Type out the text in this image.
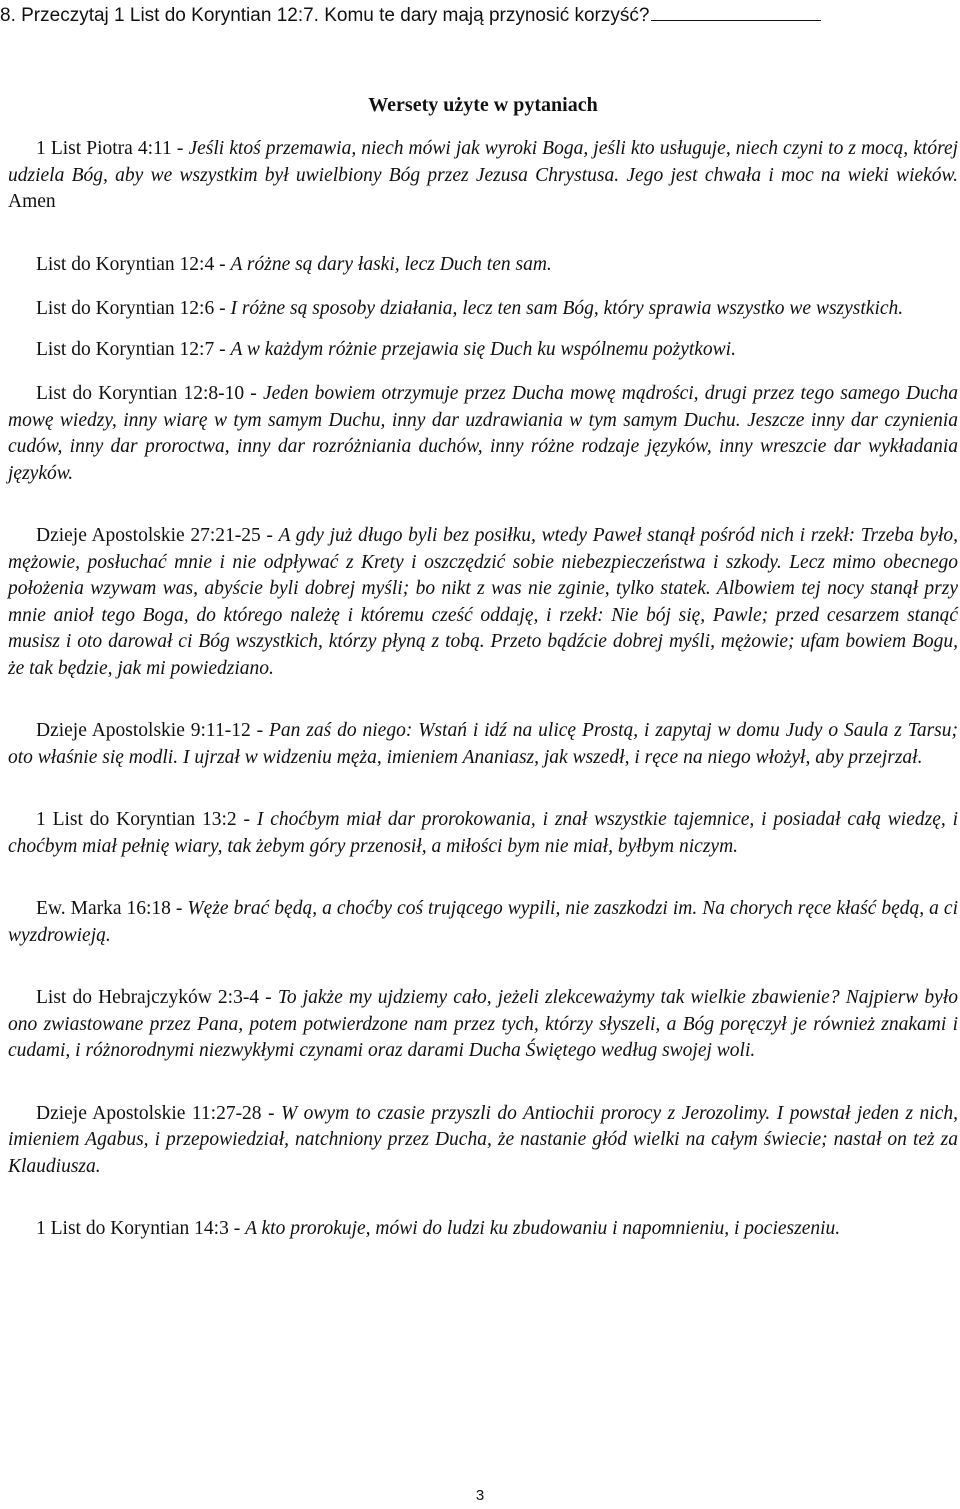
8. Przeczytaj 1 List do Koryntian 12:7. Komu te dary mają przynosić korzyść?
Wersety użyte w pytaniach

1 List Piotra 4:11 - Jeśli ktoś przemawia, niech mówi jak wyroki Boga, jeśli kto usługuje, niech czyni to z mocą, której udziela Bóg, aby we wszystkim był uwielbiony Bóg przez Jezusa Chrystusa. Jego jest chwała i moc na wieki wieków. Amen

List do Koryntian 12:4 - A różne są dary łaski, lecz Duch ten sam.

List do Koryntian 12:6 - I różne są sposoby działania, lecz ten sam Bóg, który sprawia wszystko we wszystkich.

List do Koryntian 12:7 - A w każdym różnie przejawia się Duch ku wspólnemu pożytkowi.

List do Koryntian 12:8-10 - Jeden bowiem otrzymuje przez Ducha mowę mądrości, drugi przez tego samego Ducha mowę wiedzy, inny wiarę w tym samym Duchu, inny dar uzdrawiania w tym samym Duchu. Jeszcze inny dar czynienia cudów, inny dar proroctwa, inny dar rozróżniania duchów, inny różne rodzaje języków, inny wreszcie dar wykładania języków.

Dzieje Apostolskie 27:21-25 - A gdy już długo byli bez posiłku, wtedy Paweł stanął pośród nich i rzekł: Trzeba było, mężowie, posłuchać mnie i nie odpływać z Krety i oszczędzić sobie niebezpieczeństwa i szkody. Lecz mimo obecnego położenia wzywam was, abyście byli dobrej myśli; bo nikt z was nie zginie, tylko statek. Albowiem tej nocy stanął przy mnie anioł tego Boga, do którego należę i któremu cześć oddaję, i rzekł: Nie bój się, Pawle; przed cesarzem stanąć musisz i oto darował ci Bóg wszystkich, którzy płyną z tobą. Przeto bądźcie dobrej myśli, mężowie; ufam bowiem Bogu, że tak będzie, jak mi powiedziano.

Dzieje Apostolskie 9:11-12 - Pan zaś do niego: Wstań i idź na ulicę Prostą, i zapytaj w domu Judy o Saula z Tarsu; oto właśnie się modli. I ujrzał w widzeniu męża, imieniem Ananiasz, jak wszedł, i ręce na niego włożył, aby przejrzał.

1 List do Koryntian 13:2 - I choćbym miał dar prorokowania, i znał wszystkie tajemnice, i posiadał całą wiedzę, i choćbym miał pełnię wiary, tak żebym góry przenosił, a miłości bym nie miał, byłbym niczym.

Ew. Marka 16:18 - Węże brać będą, a choćby coś trującego wypili, nie zaszkodzi im. Na chorych ręce kłaść będą, a ci wyzdrowieją.

List do Hebrajczyków 2:3-4 - To jakże my ujdziemy cało, jeżeli zlekceważymy tak wielkie zbawienie? Najpierw było ono zwiastowane przez Pana, potem potwierdzone nam przez tych, którzy słyszeli, a Bóg poręczył je również znakami i cudami, i różnorodnymi niezwykłymi czynami oraz darami Ducha Świętego według swojej woli.

Dzieje Apostolskie 11:27-28 - W owym to czasie przyszli do Antiochii prorocy z Jerozolimy. I powstał jeden z nich, imieniem Agabus, i przepowiedział, natchniony przez Ducha, że nastanie głód wielki na całym świecie; nastał on też za Klaudiusza.

1 List do Koryntian 14:3 - A kto prorokuje, mówi do ludzi ku zbudowaniu i napomnieniu, i pocieszeniu.

3
